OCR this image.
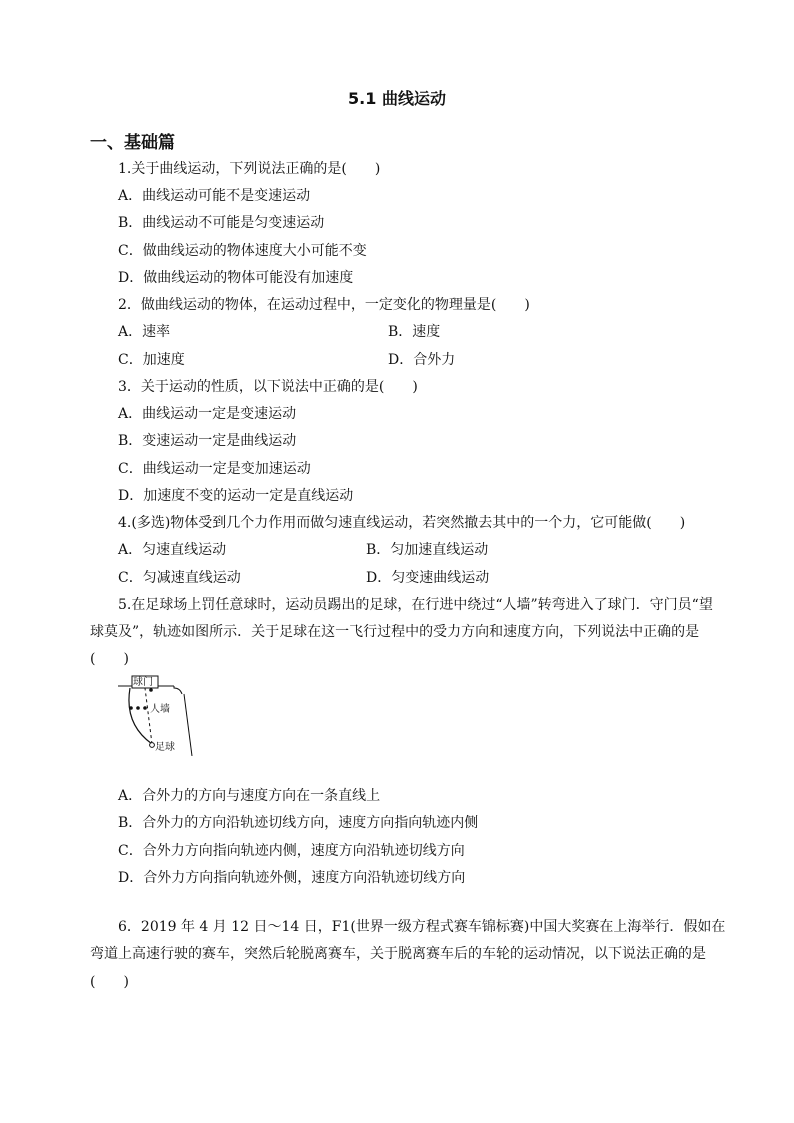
5.1 曲线运动
一、基础篇
1.关于曲线运动，下列说法正确的是(　　)
A．曲线运动可能不是变速运动
B．曲线运动不可能是匀变速运动
C．做曲线运动的物体速度大小可能不变
D．做曲线运动的物体可能没有加速度
2．做曲线运动的物体，在运动过程中，一定变化的物理量是(　　)
A．速率	B．速度
C．加速度	D．合外力
3．关于运动的性质，以下说法中正确的是(　　)
A．曲线运动一定是变速运动
B．变速运动一定是曲线运动
C．曲线运动一定是变加速运动
D．加速度不变的运动一定是直线运动
4.(多选)物体受到几个力作用而做匀速直线运动，若突然撤去其中的一个力，它可能做(　　)
A．匀速直线运动	B．匀加速直线运动
C．匀减速直线运动	D．匀变速曲线运动
5.在足球场上罚任意球时，运动员踢出的足球，在行进中绕过“人墙”转弯进入了球门．守门员“望
球莫及”，轨迹如图所示．关于足球在这一飞行过程中的受力方向和速度方向，下列说法中正确的是
(　　)
球门
人墙
足球
A．合外力的方向与速度方向在一条直线上
B．合外力的方向沿轨迹切线方向，速度方向指向轨迹内侧
C．合外力方向指向轨迹内侧，速度方向沿轨迹切线方向
D．合外力方向指向轨迹外侧，速度方向沿轨迹切线方向
6．2019 年 4 月 12 日～14 日，F1(世界一级方程式赛车锦标赛)中国大奖赛在上海举行．假如在
弯道上高速行驶的赛车，突然后轮脱离赛车，关于脱离赛车后的车轮的运动情况，以下说法正确的是
(　　)
